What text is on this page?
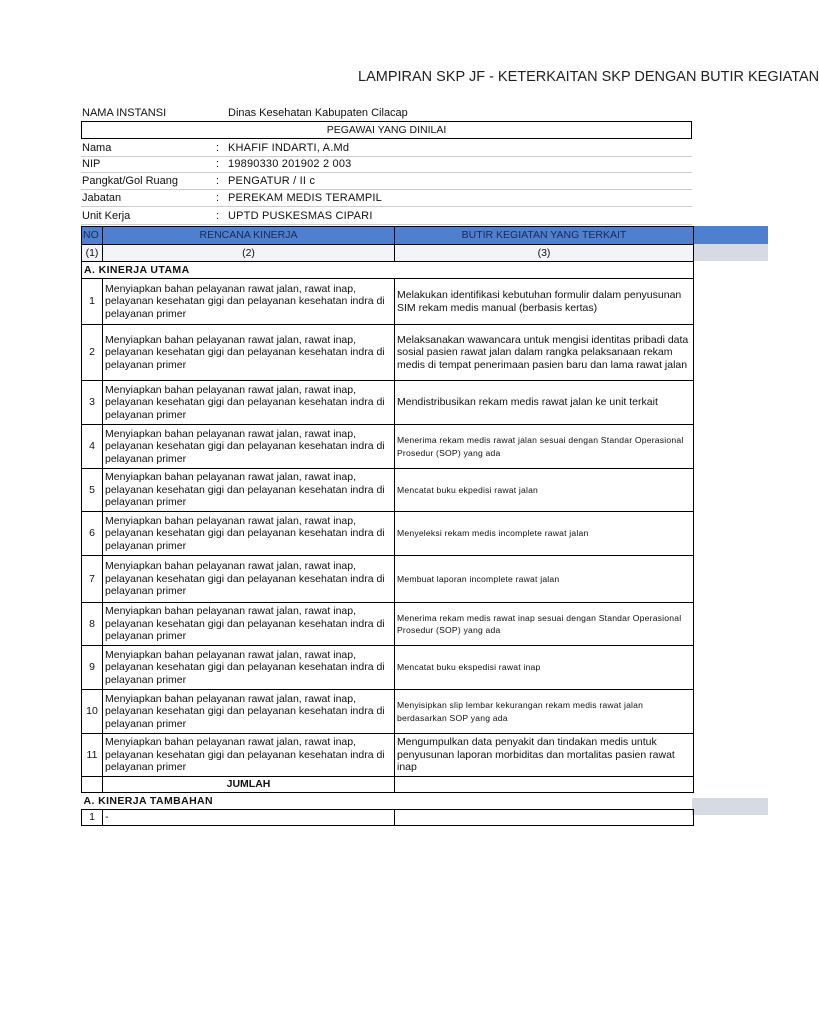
LAMPIRAN SKP JF - KETERKAITAN SKP DENGAN BUTIR KEGIATAN
NAMA INSTANSI	Dinas Kesehatan Kabupaten Cilacap
PEGAWAI YANG DINILAI
Nama	: KHAFIF INDARTI, A.Md
NIP	: 19890330 201902 2 003
Pangkat/Gol Ruang	: PENGATUR / II c
Jabatan	: PEREKAM MEDIS TERAMPIL
Unit Kerja	: UPTD PUSKESMAS CIPARI
NO	RENCANA KINERJA	BUTIR KEGIATAN YANG TERKAIT
(1)	(2)	(3)
A. KINERJA UTAMA		
1	Menyiapkan bahan pelayanan rawat jalan, rawat inap, pelayanan kesehatan gigi dan pelayanan kesehatan indra di pelayanan primer	Melakukan identifikasi kebutuhan formulir dalam penyusunan SIM rekam medis manual (berbasis kertas)
2	Menyiapkan bahan pelayanan rawat jalan, rawat inap, pelayanan kesehatan gigi dan pelayanan kesehatan indra di pelayanan primer	Melaksanakan wawancara untuk mengisi identitas pribadi data sosial pasien rawat jalan dalam rangka pelaksanaan rekam medis di tempat penerimaan pasien baru dan lama rawat jalan
3	Menyiapkan bahan pelayanan rawat jalan, rawat inap, pelayanan kesehatan gigi dan pelayanan kesehatan indra di pelayanan primer	Mendistribusikan rekam medis rawat jalan ke unit terkait
4	Menyiapkan bahan pelayanan rawat jalan, rawat inap, pelayanan kesehatan gigi dan pelayanan kesehatan indra di pelayanan primer	Menerima rekam medis rawat jalan sesuai dengan Standar Operasional Prosedur (SOP) yang ada
5	Menyiapkan bahan pelayanan rawat jalan, rawat inap, pelayanan kesehatan gigi dan pelayanan kesehatan indra di pelayanan primer	Mencatat buku ekpedisi rawat jalan
6	Menyiapkan bahan pelayanan rawat jalan, rawat inap, pelayanan kesehatan gigi dan pelayanan kesehatan indra di pelayanan primer	Menyeleksi rekam medis incomplete rawat jalan
7	Menyiapkan bahan pelayanan rawat jalan, rawat inap, pelayanan kesehatan gigi dan pelayanan kesehatan indra di pelayanan primer	Membuat laporan incomplete rawat jalan
8	Menyiapkan bahan pelayanan rawat jalan, rawat inap, pelayanan kesehatan gigi dan pelayanan kesehatan indra di pelayanan primer	Menerima rekam medis rawat inap sesuai dengan Standar Operasional Prosedur (SOP) yang ada
9	Menyiapkan bahan pelayanan rawat jalan, rawat inap, pelayanan kesehatan gigi dan pelayanan kesehatan indra di pelayanan primer	Mencatat buku ekspedisi rawat inap
10	Menyiapkan bahan pelayanan rawat jalan, rawat inap, pelayanan kesehatan gigi dan pelayanan kesehatan indra di pelayanan primer	Menyisipkan slip lembar kekurangan rekam medis rawat jalan berdasarkan SOP yang ada
11	Menyiapkan bahan pelayanan rawat jalan, rawat inap, pelayanan kesehatan gigi dan pelayanan kesehatan indra di pelayanan primer	Mengumpulkan data penyakit dan tindakan medis untuk penyusunan laporan morbiditas dan mortalitas pasien rawat inap
	JUMLAH	
A. KINERJA TAMBAHAN		
1	-	
